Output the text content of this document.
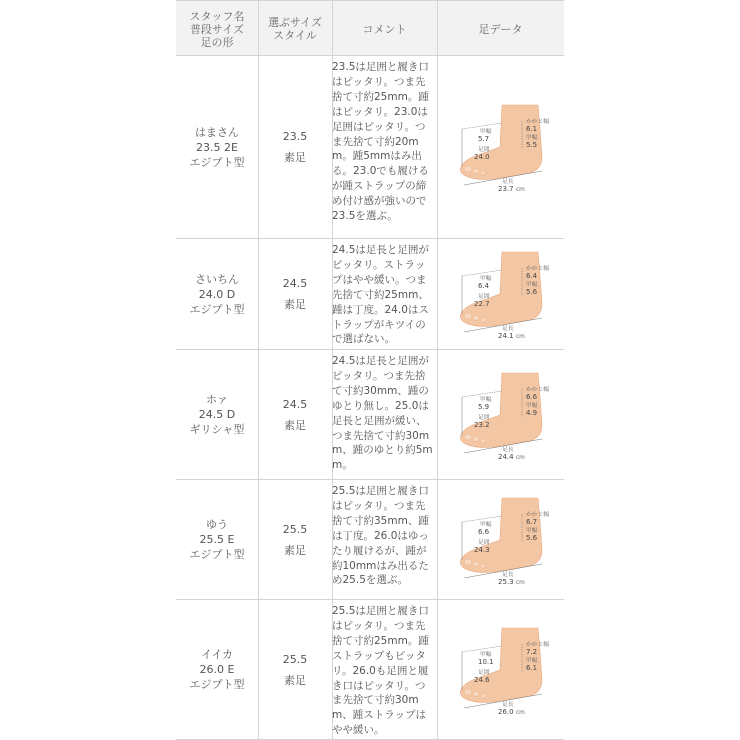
スタッフ名
普段サイズ
足の形
選ぶサイズ
スタイル	コメント	足データ
はまさん
23.5 2E
エジプト型
23.5
素足
23.5は足囲と履き口はピッタリ。つま先捨て寸約25mm。踵はピッタリ。23.0は足囲はピッタリ。つま先捨て寸約20mm。踵5mmはみ出る。23.0でも履けるが踵ストラップの締め付け感が強いので23.5を選ぶ。
甲幅
5.7
足囲
24.0
かかと幅
6.1
甲幅
5.5
足長
23.7 cm
さいちん
24.0 D
エジプト型
24.5
素足
24.5は足長と足囲がピッタリ。ストラップはやや緩い。つま先捨て寸約25mm、踵は丁度。24.0はストラップがキツイので選ばない。
甲幅
6.4
足囲
22.7
かかと幅
6.4
甲幅
5.6
足長
24.1 cm
ホァ
24.5 D
ギリシャ型
24.5
素足
24.5は足長と足囲がピッタリ。つま先捨て寸約30mm、踵のゆとり無し。25.0は足長と足囲が緩い、つま先捨て寸約30mm、踵のゆとり約5mm。
甲幅
5.9
足囲
23.2
かかと幅
6.6
甲幅
4.9
足長
24.4 cm
ゆう
25.5 E
エジプト型
25.5
素足
25.5は足囲と履き口はピッタリ。つま先捨て寸約35mm、踵は丁度。26.0はゆったり履けるが、踵が約10mmはみ出るため25.5を選ぶ。
甲幅
6.6
足囲
24.3
かかと幅
6.7
甲幅
5.6
足長
25.3 cm
イイカ
26.0 E
エジプト型
25.5
素足
25.5は足囲と履き口はピッタリ。つま先捨て寸約25mm。踵ストラップもピッタリ。26.0も足囲と履き口はピッタリ。つま先捨て寸約30mm、踵ストラップはやや緩い。
甲幅
10.1
足囲
24.6
かかと幅
7.2
甲幅
6.1
足長
26.0 cm
